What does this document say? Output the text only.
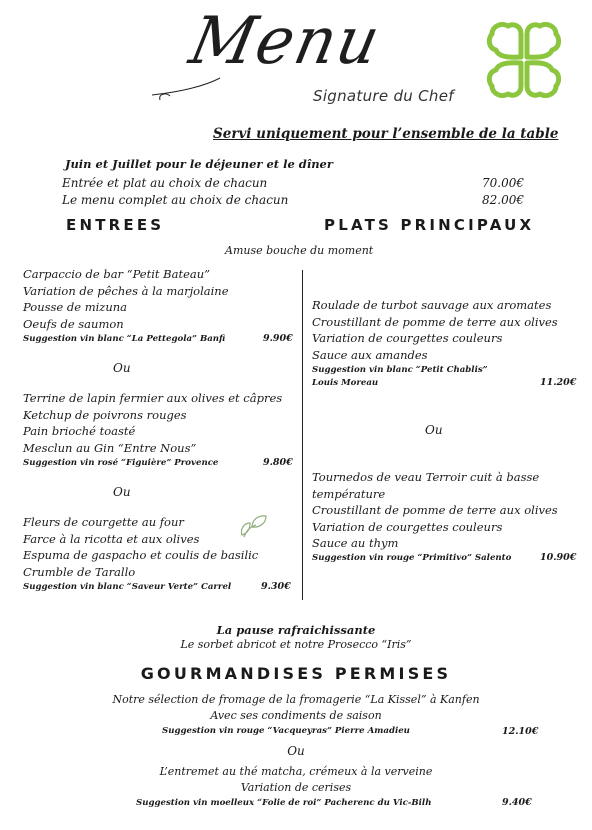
Menu
Signature du Chef
Servi uniquement pour l’ensemble de la table
Juin et Juillet pour le déjeuner et le dîner
Entrée et plat au choix de chacun	70.00€
Le menu complet au choix de chacun	82.00€
ENTREES	PLATS PRINCIPAUX
Amuse bouche du moment
Carpaccio de bar “Petit Bateau”
Variation de pêches à la marjolaine
Pousse de mizuna
Oeufs de saumon
Suggestion vin blanc “La Pettegola” Banfi	9.90€
Ou
Terrine de lapin fermier aux olives et câpres
Ketchup de poivrons rouges
Pain brioché toasté
Mesclun au Gin “Entre Nous”
Suggestion vin rosé “Figuière” Provence	9.80€
Ou
Fleurs de courgette au four
Farce à la ricotta et aux olives
Espuma de gaspacho et coulis de basilic
Crumble de Tarallo
Suggestion vin blanc “Saveur Verte” Carrel	9.30€
Roulade de turbot sauvage aux aromates
Croustillant de pomme de terre aux olives
Variation de courgettes couleurs
Sauce aux amandes
Suggestion vin blanc “Petit Chablis”
Louis Moreau	11.20€
Ou
Tournedos de veau Terroir cuit à basse
température
Croustillant de pomme de terre aux olives
Variation de courgettes couleurs
Sauce au thym
Suggestion vin rouge “Primitivo” Salento	10.90€
La pause rafraichissante
Le sorbet abricot et notre Prosecco “Iris”
GOURMANDISES PERMISES
Notre sélection de fromage de la fromagerie “La Kissel” à Kanfen
Avec ses condiments de saison
Suggestion vin rouge “Vacqueyras” Pierre Amadieu	12.10€
Ou
L’entremet au thé matcha, crémeux à la verveine
Variation de cerises
Suggestion vin moelleux “Folie de roi” Pacherenc du Vic-Bilh	9.40€
